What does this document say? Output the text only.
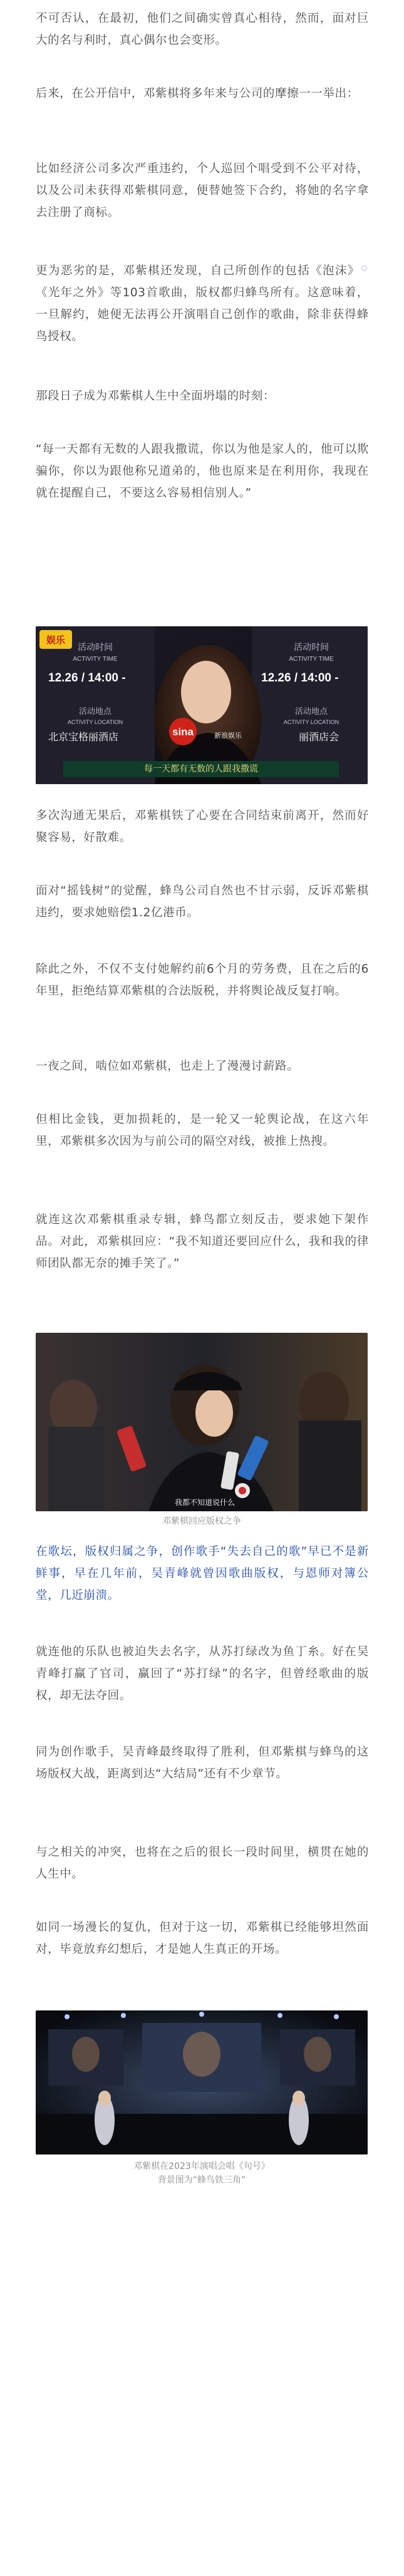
不可否认，在最初，他们之间确实曾真心相待，然而，面对巨大的名与利时，真心偶尔也会变形。

后来，在公开信中，邓紫棋将多年来与公司的摩擦一一举出：

比如经济公司多次严重违约，个人巡回个唱受到不公平对待，以及公司未获得邓紫棋同意，便替她签下合约，将她的名字拿去注册了商标。

更为恶劣的是，邓紫棋还发现，自己所创作的包括《泡沫》 ○《光年之外》等103首歌曲，版权都归蜂鸟所有。这意味着，一旦解约，她便无法再公开演唱自己创作的歌曲，除非获得蜂鸟授权。

那段日子成为邓紫棋人生中全面坍塌的时刻：

“每一天都有无数的人跟我撒谎，你以为他是家人的，他可以欺骗你，你以为跟他称兄道弟的，他也原来是在利用你，我现在就在提醒自己，不要这么容易相信别人。”

活动时间
ACTIVITY TIME
12.26 / 14:00 -
活动地点
ACTIVITY LOCATION
北京宝格丽酒店
活动时间
ACTIVITY TIME
12.26 / 14:00 -
活动地点
ACTIVITY LOCATION
丽酒店会
sina	新浪娱乐
娱乐
每一天都有无数的人跟我撒谎

多次沟通无果后，邓紫棋铁了心要在合同结束前离开，然而好聚容易，好散难。

面对“摇钱树”的觉醒，蜂鸟公司自然也不甘示弱，反诉邓紫棋违约，要求她赔偿1.2亿港币。

除此之外，不仅不支付她解约前6个月的劳务费，且在之后的6年里，拒绝结算邓紫棋的合法版税，并将舆论战反复打响。

一夜之间，啮位如邓紫棋，也走上了漫漫讨薪路。

但相比金钱，更加损耗的，是一轮又一轮舆论战，在这六年里，邓紫棋多次因为与前公司的隔空对线，被推上热搜。

就连这次邓紫棋重录专辑，蜂鸟都立刻反击，要求她下架作品。对此，邓紫棋回应：“我不知道还要回应什么，我和我的律师团队都无奈的摊手笑了。”

我都不知道说什么

邓紫棋回应版权之争

在歌坛，版权归属之争，创作歌手“失去自己的歌”早已不是新鲜事，早在几年前，吴青峰就曾因歌曲版权，与恩师对簿公堂，几近崩溃。

就连他的乐队也被迫失去名字，从苏打绿改为鱼丁糸。好在吴青峰打赢了官司，赢回了“苏打绿”的名字，但曾经歌曲的版权，却无法夺回。

同为创作歌手，吴青峰最终取得了胜利，但邓紫棋与蜂鸟的这场版权大战，距离到达“大结局”还有不少章节。

与之相关的冲突，也将在之后的很长一段时间里，横贯在她的人生中。

如同一场漫长的复仇，但对于这一切，邓紫棋已经能够坦然面对，毕竟放弃幻想后，才是她人生真正的开场。

邓紫棋在2023年演唱会唱《句号》

背景图为“蜂鸟铁三角”
